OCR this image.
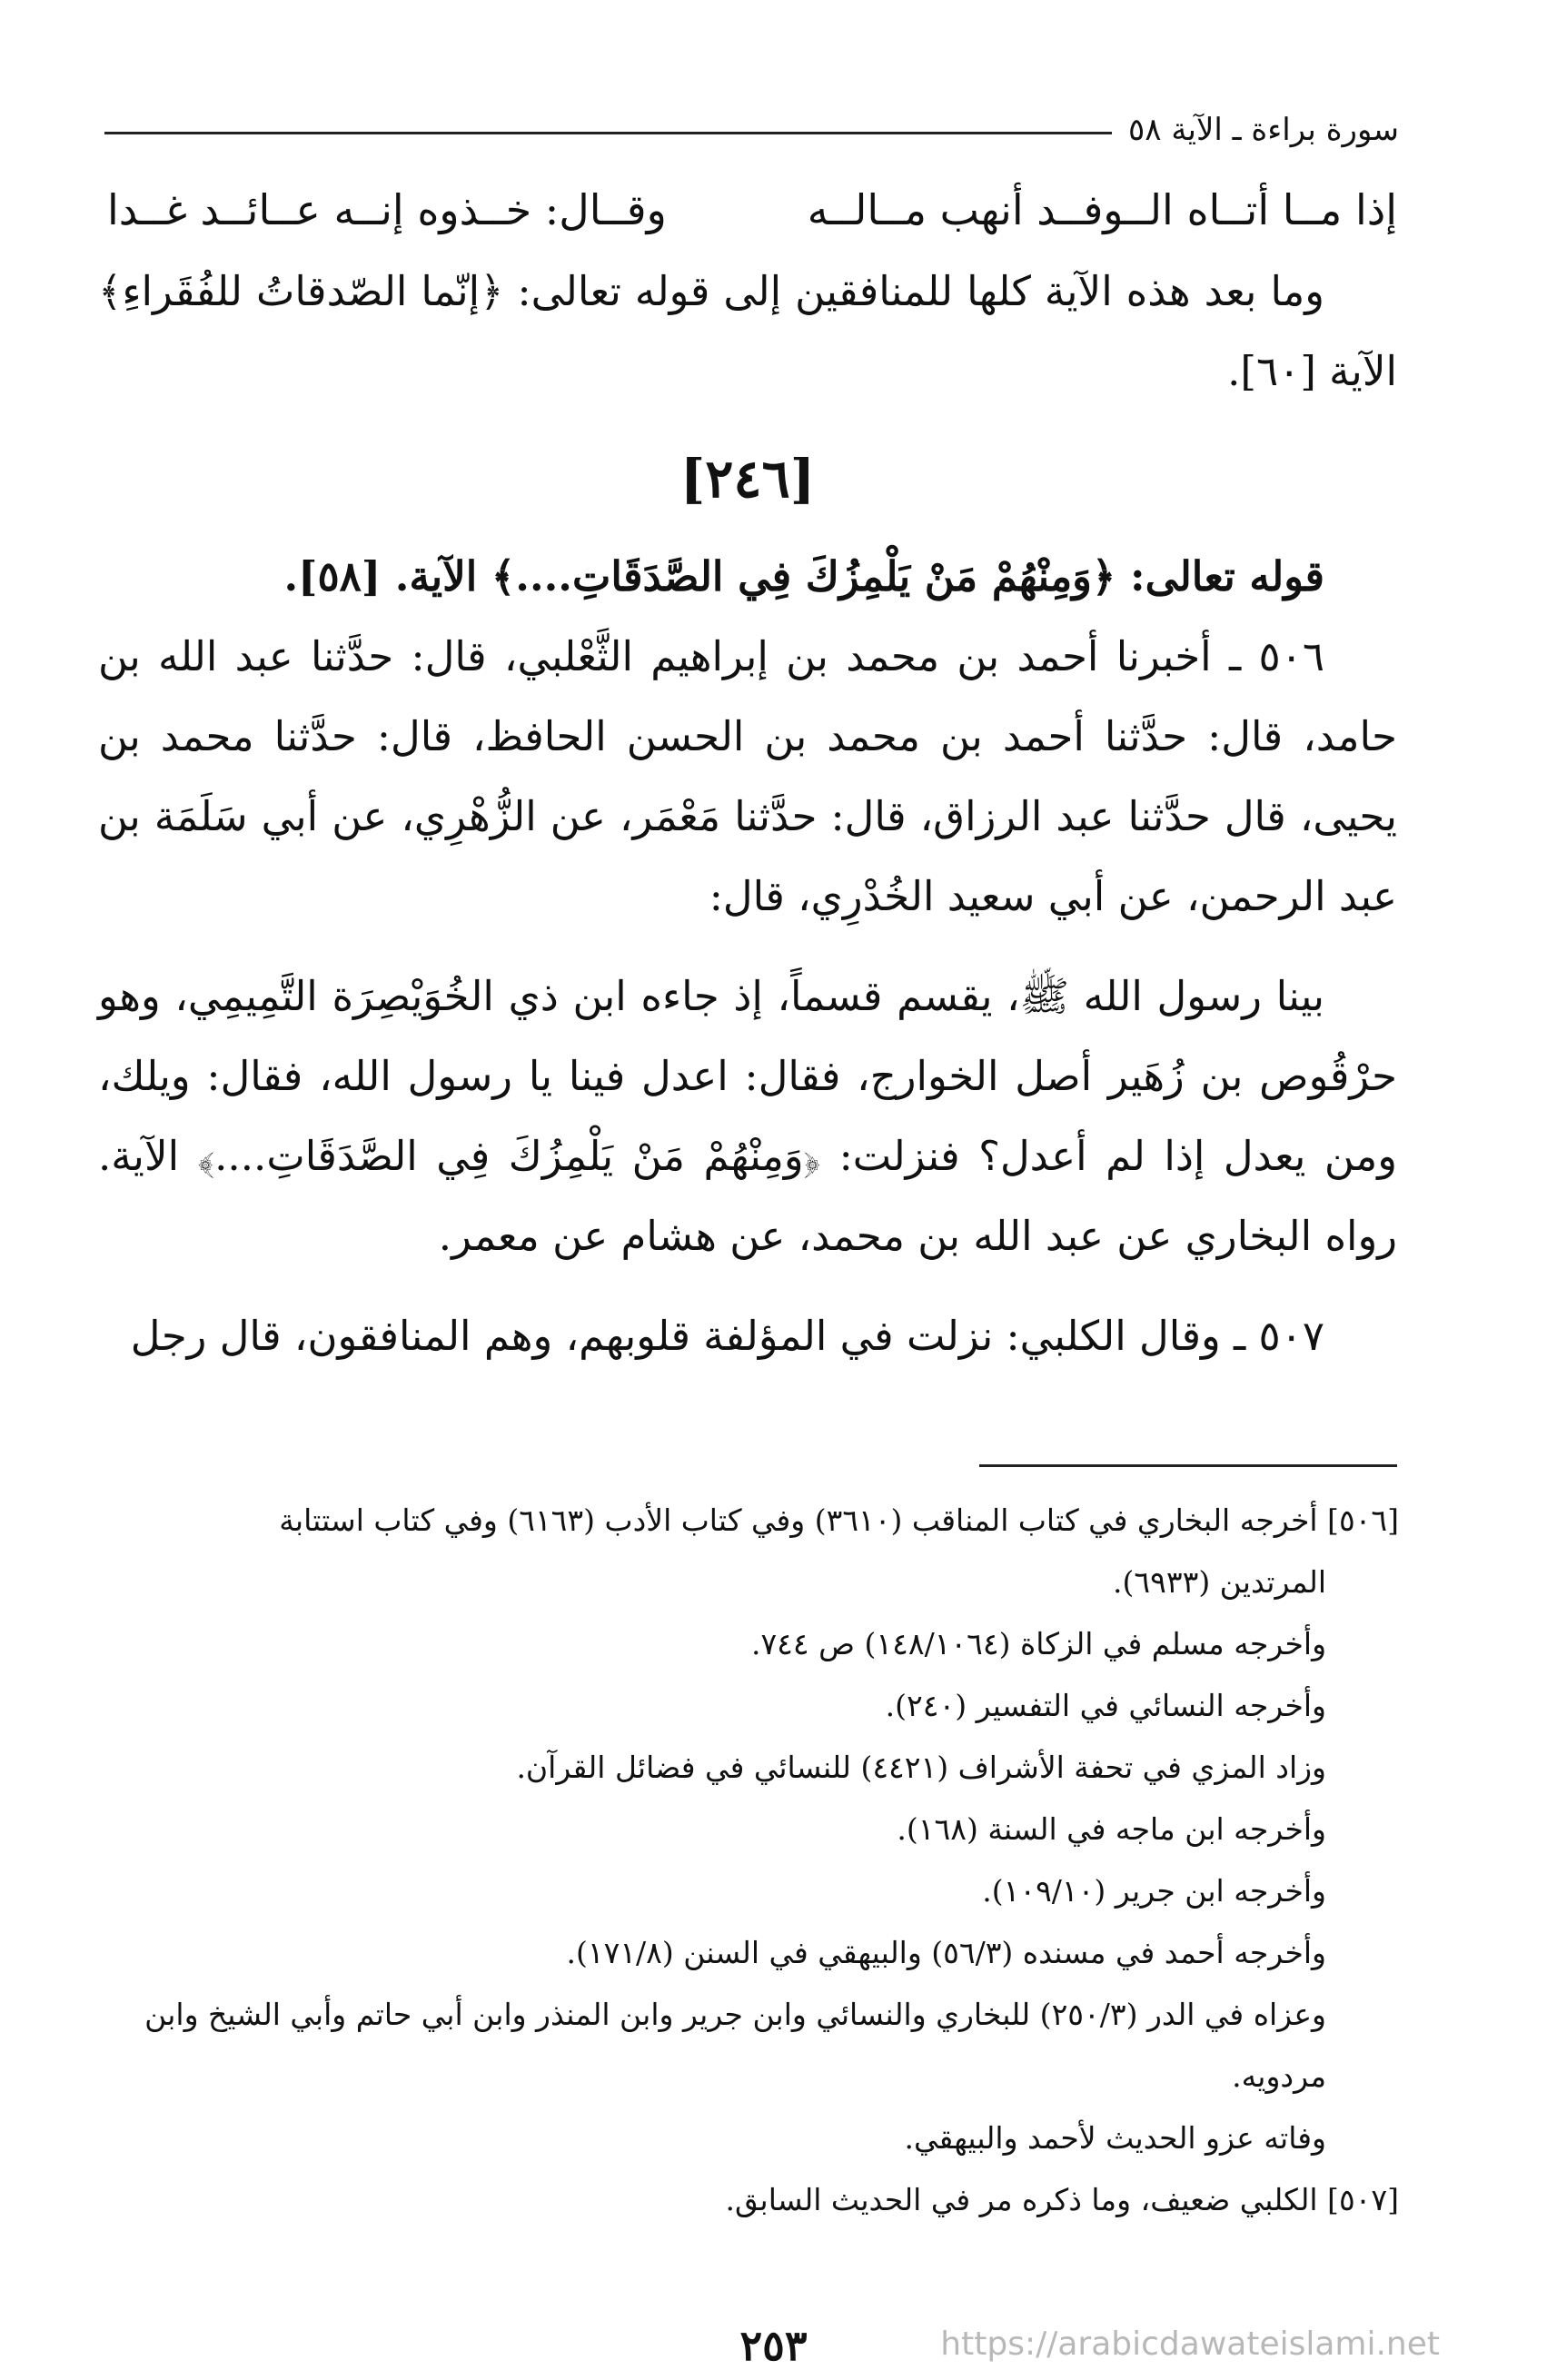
سورة براءة ـ الآية ٥٨
إذا مــا أتــاه الــوفــد أنهب مــالــه
وقــال: خــذوه إنــه عــائــد غــدا

وما بعد هذه الآية كلها للمنافقين إلى قوله تعالى: ﴿إنّما الصّدقاتُ للفُقَراءِ﴾ الآية [٦٠].

[٢٤٦]

قوله تعالى: ﴿وَمِنْهُمْ مَنْ يَلْمِزُكَ فِي الصَّدَقَاتِ....﴾ الآية. [٥٨].

٥٠٦ ـ أخبرنا أحمد بن محمد بن إبراهيم الثَّعْلبي، قال: حدَّثنا عبد الله بن حامد، قال: حدَّثنا أحمد بن محمد بن الحسن الحافظ، قال: حدَّثنا محمد بن يحيى، قال حدَّثنا عبد الرزاق، قال: حدَّثنا مَعْمَر، عن الزُّهْرِي، عن أبي سَلَمَة بن عبد الرحمن، عن أبي سعيد الخُدْرِي، قال:

بينا رسول الله ﷺ، يقسم قسماً، إذ جاءه ابن ذي الخُوَيْصِرَة التَّمِيمِي، وهو حرْقُوص بن زُهَير أصل الخوارج، فقال: اعدل فينا يا رسول الله، فقال: ويلك، ومن يعدل إذا لم أعدل؟ فنزلت: ﴿وَمِنْهُمْ مَنْ يَلْمِزُكَ فِي الصَّدَقَاتِ....﴾ الآية. رواه البخاري عن عبد الله بن محمد، عن هشام عن معمر.

٥٠٧ ـ وقال الكلبي: نزلت في المؤلفة قلوبهم، وهم المنافقون، قال رجل

[٥٠٦] أخرجه البخاري في كتاب المناقب (٣٦١٠) وفي كتاب الأدب (٦١٦٣) وفي كتاب استتابة

المرتدين (٦٩٣٣).

وأخرجه مسلم في الزكاة (١٤٨/١٠٦٤) ص ٧٤٤.

وأخرجه النسائي في التفسير (٢٤٠).

وزاد المزي في تحفة الأشراف (٤٤٢١) للنسائي في فضائل القرآن.

وأخرجه ابن ماجه في السنة (١٦٨).

وأخرجه ابن جرير (١٠٩/١٠).

وأخرجه أحمد في مسنده (٥٦/٣) والبيهقي في السنن (١٧١/٨).

وعزاه في الدر (٢٥٠/٣) للبخاري والنسائي وابن جرير وابن المنذر وابن أبي حاتم وأبي الشيخ وابن

مردويه.

وفاته عزو الحديث لأحمد والبيهقي.

[٥٠٧] الكلبي ضعيف، وما ذكره مر في الحديث السابق.

٢٥٣	https://arabicdawateislami.net
